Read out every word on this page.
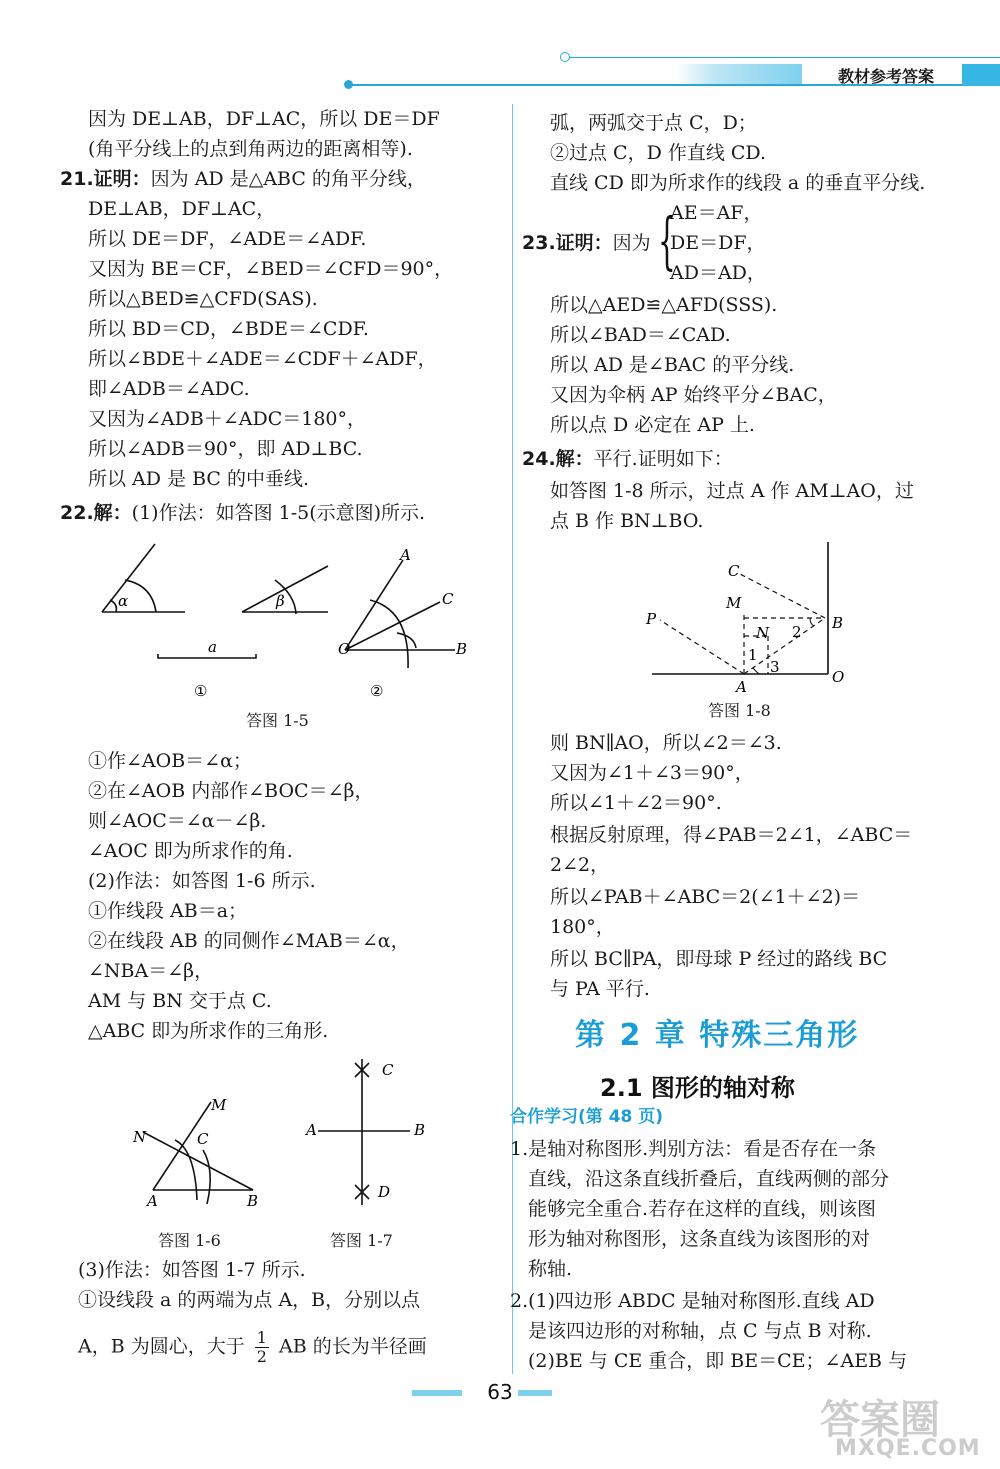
教材参考答案
因为 DE⊥AB，DF⊥AC，所以 DE＝DF
(角平分线上的点到角两边的距离相等).
21.证明：因为 AD 是△ABC 的角平分线，
DE⊥AB，DF⊥AC，
所以 DE＝DF，∠ADE＝∠ADF.
又因为 BE＝CF，∠BED＝∠CFD＝90°，
所以△BED≌△CFD(SAS).
所以 BD＝CD，∠BDE＝∠CDF.
所以∠BDE＋∠ADE＝∠CDF＋∠ADF，
即∠ADB＝∠ADC.
又因为∠ADB＋∠ADC＝180°，
所以∠ADB＝90°，即 AD⊥BC.
所以 AD 是 BC 的中垂线.
22.解：(1)作法：如答图 1-5(示意图)所示.
α	β
a
A
C
O	B
①	②
答图 1-5
①作∠AOB＝∠α；
②在∠AOB 内部作∠BOC＝∠β，
则∠AOC＝∠α－∠β.
∠AOC 即为所求作的角.
(2)作法：如答图 1-6 所示.
①作线段 AB＝a；
②在线段 AB 的同侧作∠MAB＝∠α，
∠NBA＝∠β，
AM 与 BN 交于点 C.
△ABC 即为所求作的三角形.
M
N	C
A	B
答图 1-6
C
A	B
D
答图 1-7
(3)作法：如答图 1-7 所示.
①设线段 a 的两端为点 A，B，分别以点
A，B 为圆心，大于 $\frac{1}{2}$ AB 的长为半径画
弧，两弧交于点 C，D；
②过点 C，D 作直线 CD.
直线 CD 即为所求作的线段 a 的垂直平分线.
23.证明：因为 {
AE＝AF，
DE＝DF，
AD＝AD，
所以△AED≌△AFD(SSS).
所以∠BAD＝∠CAD.
所以 AD 是∠BAC 的平分线.
又因为伞柄 AP 始终平分∠BAC，
所以点 D 必定在 AP 上.
24.解：平行.证明如下：
如答图 1-8 所示，过点 A 作 AM⊥AO，过
点 B 作 BN⊥BO.
C
M
P
N 2 B
1
3
A
O
答图 1-8
则 BN∥AO，所以∠2＝∠3.
又因为∠1＋∠3＝90°，
所以∠1＋∠2＝90°.
根据反射原理，得∠PAB＝2∠1，∠ABC＝
2∠2，
所以∠PAB＋∠ABC＝2(∠1＋∠2)＝
180°，
所以 BC∥PA，即母球 P 经过的路线 BC
与 PA 平行.
第 2 章 特殊三角形
2.1 图形的轴对称
合作学习(第 48 页)
1.是轴对称图形.判别方法：看是否存在一条
直线，沿这条直线折叠后，直线两侧的部分
能够完全重合.若存在这样的直线，则该图
形为轴对称图形，这条直线为该图形的对
称轴.
2.(1)四边形 ABDC 是轴对称图形.直线 AD
是该四边形的对称轴，点 C 与点 B 对称.
(2)BE 与 CE 重合，即 BE＝CE；∠AEB 与
63
答案圈
MXQE.COM
